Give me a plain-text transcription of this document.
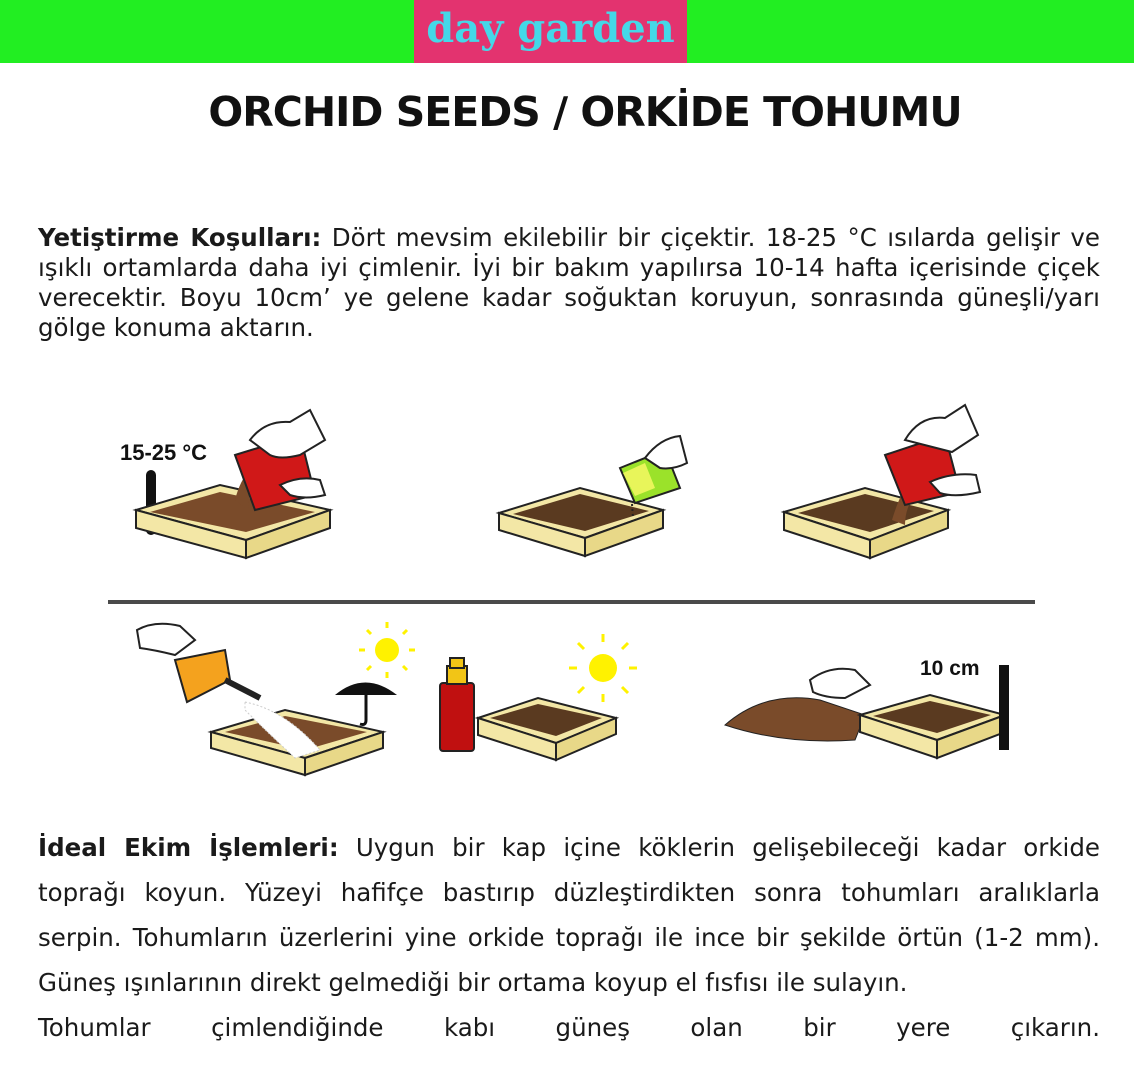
day garden
ORCHID SEEDS / ORKİDE TOHUMU
Yetiştirme Koşulları: Dört mevsim ekilebilir bir çiçektir. 18-25 °C ısılarda gelişir ve ışıklı ortamlarda daha iyi çimlenir. İyi bir bakım yapılırsa 10-14 hafta içerisinde çiçek verecektir. Boyu 10cm’ ye gelene kadar soğuktan koruyun, sonrasında güneşli/yarı gölge konuma aktarın.
15-25 °C
10 cm
İdeal Ekim İşlemleri: Uygun bir kap içine köklerin gelişebileceği kadar orkide toprağı koyun. Yüzeyi hafifçe bastırıp düzleştirdikten sonra tohumları aralıklarla serpin. Tohumların üzerlerini yine orkide toprağı ile ince bir şekilde örtün (1-2 mm). Güneş ışınlarının direkt gelmediği bir ortama koyup el fısfısı ile sulayın.
Tohumlar çimlendiğinde kabı güneş olan bir yere çıkarın.
